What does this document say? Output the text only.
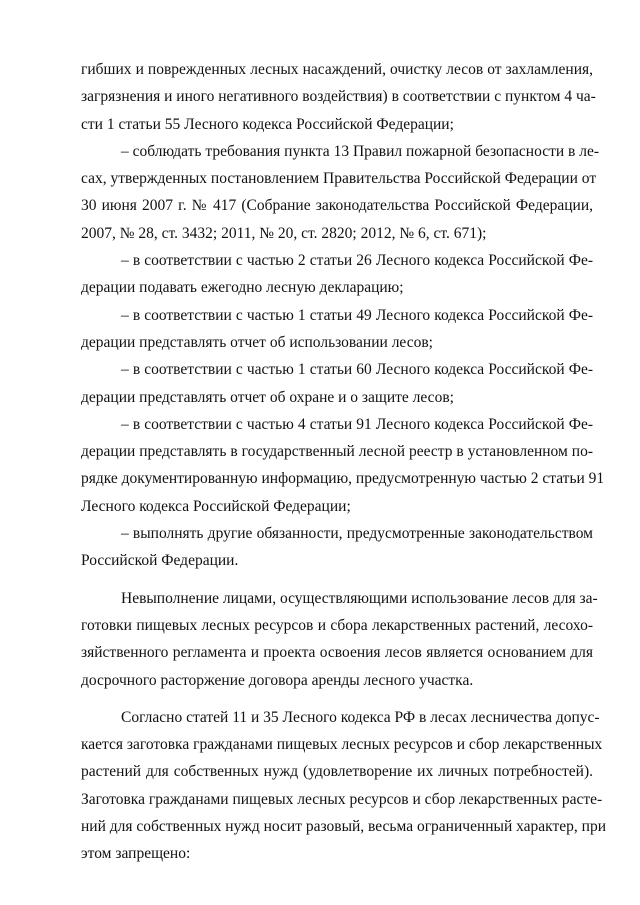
гибших и поврежденных лесных насаждений, очистку лесов от захламления,
загрязнения и иного негативного воздействия) в соответствии с пунктом 4 ча-
сти 1 статьи 55 Лесного кодекса Российской Федерации;
– соблюдать требования пункта 13 Правил пожарной безопасности в ле-
сах, утвержденных постановлением Правительства Российской Федерации от
30 июня 2007 г. № 417 (Собрание законодательства Российской Федерации,
2007, № 28, ст. 3432; 2011, № 20, ст. 2820; 2012, № 6, ст. 671);
– в соответствии с частью 2 статьи 26 Лесного кодекса Российской Фе-
дерации подавать ежегодно лесную декларацию;
– в соответствии с частью 1 статьи 49 Лесного кодекса Российской Фе-
дерации представлять отчет об использовании лесов;
– в соответствии с частью 1 статьи 60 Лесного кодекса Российской Фе-
дерации представлять отчет об охране и о защите лесов;
– в соответствии с частью 4 статьи 91 Лесного кодекса Российской Фе-
дерации представлять в государственный лесной реестр в установленном по-
рядке документированную информацию, предусмотренную частью 2 статьи 91
Лесного кодекса Российской Федерации;
– выполнять другие обязанности, предусмотренные законодательством
Российской Федерации.
Невыполнение лицами, осуществляющими использование лесов для за-
готовки пищевых лесных ресурсов и сбора лекарственных растений, лесохо-
зяйственного регламента и проекта освоения лесов является основанием для
досрочного расторжение договора аренды лесного участка.
Согласно статей 11 и 35 Лесного кодекса РФ в лесах лесничества допус-
кается заготовка гражданами пищевых лесных ресурсов и сбор лекарственных
растений для собственных нужд (удовлетворение их личных потребностей).
Заготовка гражданами пищевых лесных ресурсов и сбор лекарственных расте-
ний для собственных нужд носит разовый, весьма ограниченный характер, при
этом запрещено:
